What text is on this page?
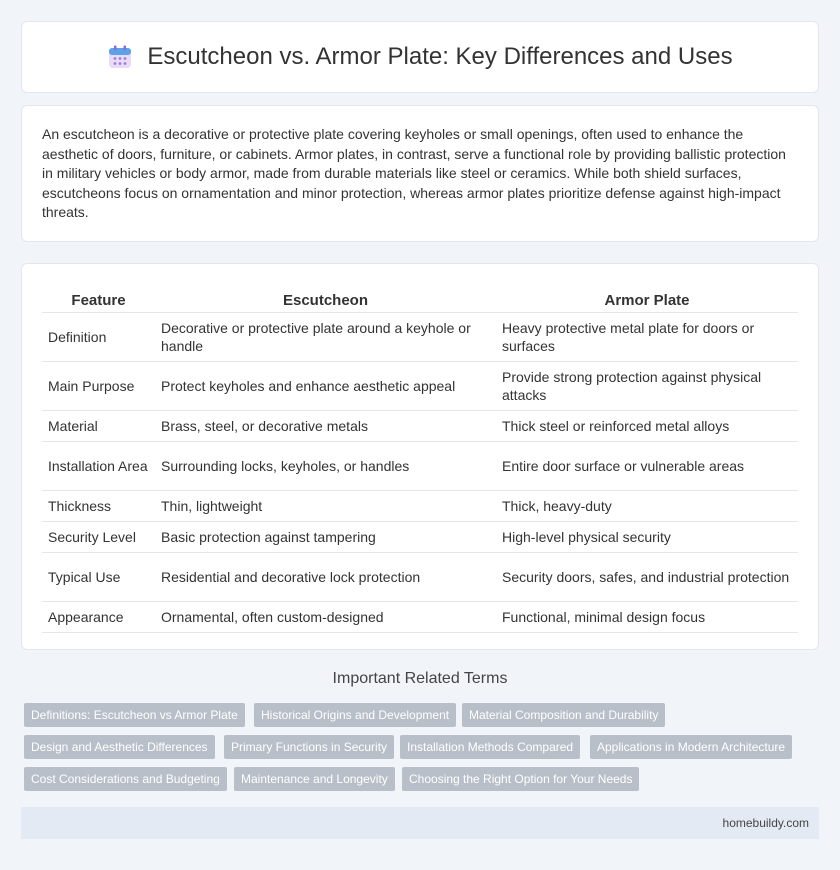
Escutcheon vs. Armor Plate: Key Differences and Uses

An escutcheon is a decorative or protective plate covering keyholes or small openings, often used to enhance the aesthetic of doors, furniture, or cabinets. Armor plates, in contrast, serve a functional role by providing ballistic protection in military vehicles or body armor, made from durable materials like steel or ceramics. While both shield surfaces, escutcheons focus on ornamentation and minor protection, whereas armor plates prioritize defense against high-impact threats.

Feature	Escutcheon	Armor Plate
Definition	Decorative or protective plate around a keyhole or handle	Heavy protective metal plate for doors or surfaces
Main Purpose	Protect keyholes and enhance aesthetic appeal	Provide strong protection against physical attacks
Material	Brass, steel, or decorative metals	Thick steel or reinforced metal alloys
Installation Area	Surrounding locks, keyholes, or handles	Entire door surface or vulnerable areas
Thickness	Thin, lightweight	Thick, heavy-duty
Security Level	Basic protection against tampering	High-level physical security
Typical Use	Residential and decorative lock protection	Security doors, safes, and industrial protection
Appearance	Ornamental, often custom-designed	Functional, minimal design focus
Important Related Terms
Definitions: Escutcheon vs Armor Plate	Historical Origins and Development	Material Composition and Durability
Design and Aesthetic Differences	Primary Functions in Security	Installation Methods Compared	Applications in Modern Architecture
Cost Considerations and Budgeting	Maintenance and Longevity	Choosing the Right Option for Your Needs
homebuildy.com
